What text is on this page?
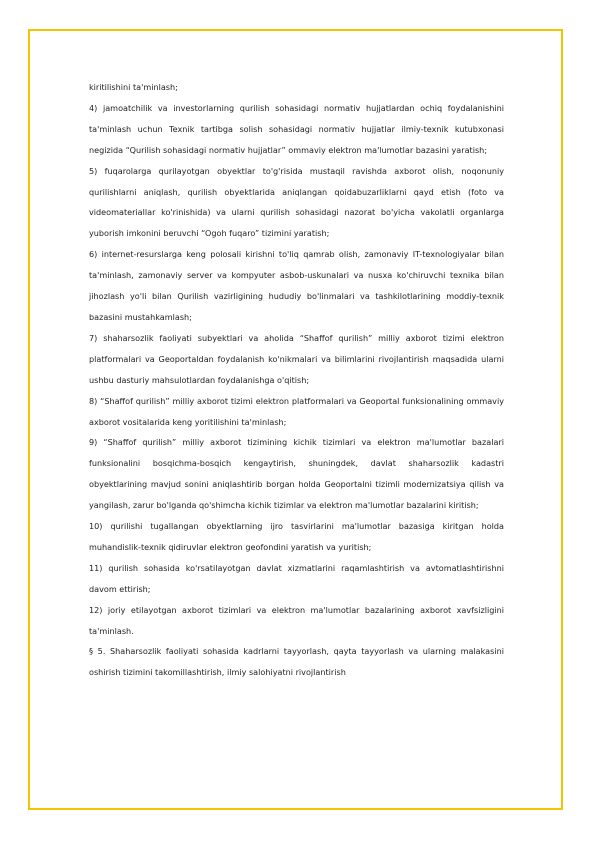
kiritilishini ta'minlash;

4) jamoatchilik va investorlarning qurilish sohasidagi normativ hujjatlardan ochiq foydalanishini ta'minlash uchun Texnik tartibga solish sohasidagi normativ hujjatlar ilmiy-texnik kutubxonasi negizida “Qurilish sohasidagi normativ hujjatlar” ommaviy elektron ma'lumotlar bazasini yaratish;

5) fuqarolarga qurilayotgan obyektlar to'g'risida mustaqil ravishda axborot olish, noqonuniy qurilishlarni aniqlash, qurilish obyektlarida aniqlangan qoidabuzarliklarni qayd etish (foto va videomateriallar ko'rinishida) va ularni qurilish sohasidagi nazorat bo'yicha vakolatli organlarga yuborish imkonini beruvchi “Ogoh fuqaro” tizimini yaratish;

6) internet-resurslarga keng polosali kirishni to'liq qamrab olish, zamonaviy IT-texnologiyalar bilan ta'minlash, zamonaviy server va kompyuter asbob-uskunalari va nusxa ko'chiruvchi texnika bilan jihozlash yo'li bilan Qurilish vazirligining hududiy bo'linmalari va tashkilotlarining moddiy-texnik bazasini mustahkamlash;

7) shaharsozlik faoliyati subyektlari va aholida “Shaffof qurilish” milliy axborot tizimi elektron platformalari va Geoportaldan foydalanish ko'nikmalari va bilimlarini rivojlantirish maqsadida ularni ushbu dasturiy mahsulotlardan foydalanishga o'qitish;

8) “Shaffof qurilish” milliy axborot tizimi elektron platformalari va Geoportal funksionalining ommaviy axborot vositalarida keng yoritilishini ta'minlash;

9) “Shaffof qurilish” milliy axborot tizimining kichik tizimlari va elektron ma'lumotlar bazalari funksionalini bosqichma-bosqich kengaytirish, shuningdek, davlat shaharsozlik kadastri obyektlarining mavjud sonini aniqlashtirib borgan holda Geoportalni tizimli modernizatsiya qilish va yangilash, zarur bo'lganda qo'shimcha kichik tizimlar va elektron ma'lumotlar bazalarini kiritish;

10) qurilishi tugallangan obyektlarning ijro tasvirlarini ma'lumotlar bazasiga kiritgan holda muhandislik-texnik qidiruvlar elektron geofondini yaratish va yuritish;

11) qurilish sohasida ko'rsatilayotgan davlat xizmatlarini raqamlashtirish va avtomatlashtirishni davom ettirish;

12) joriy etilayotgan axborot tizimlari va elektron ma'lumotlar bazalarining axborot xavfsizligini ta'minlash.

§ 5. Shaharsozlik faoliyati sohasida kadrlarni tayyorlash, qayta tayyorlash va ularning malakasini oshirish tizimini takomillashtirish, ilmiy salohiyatni rivojlantirish
